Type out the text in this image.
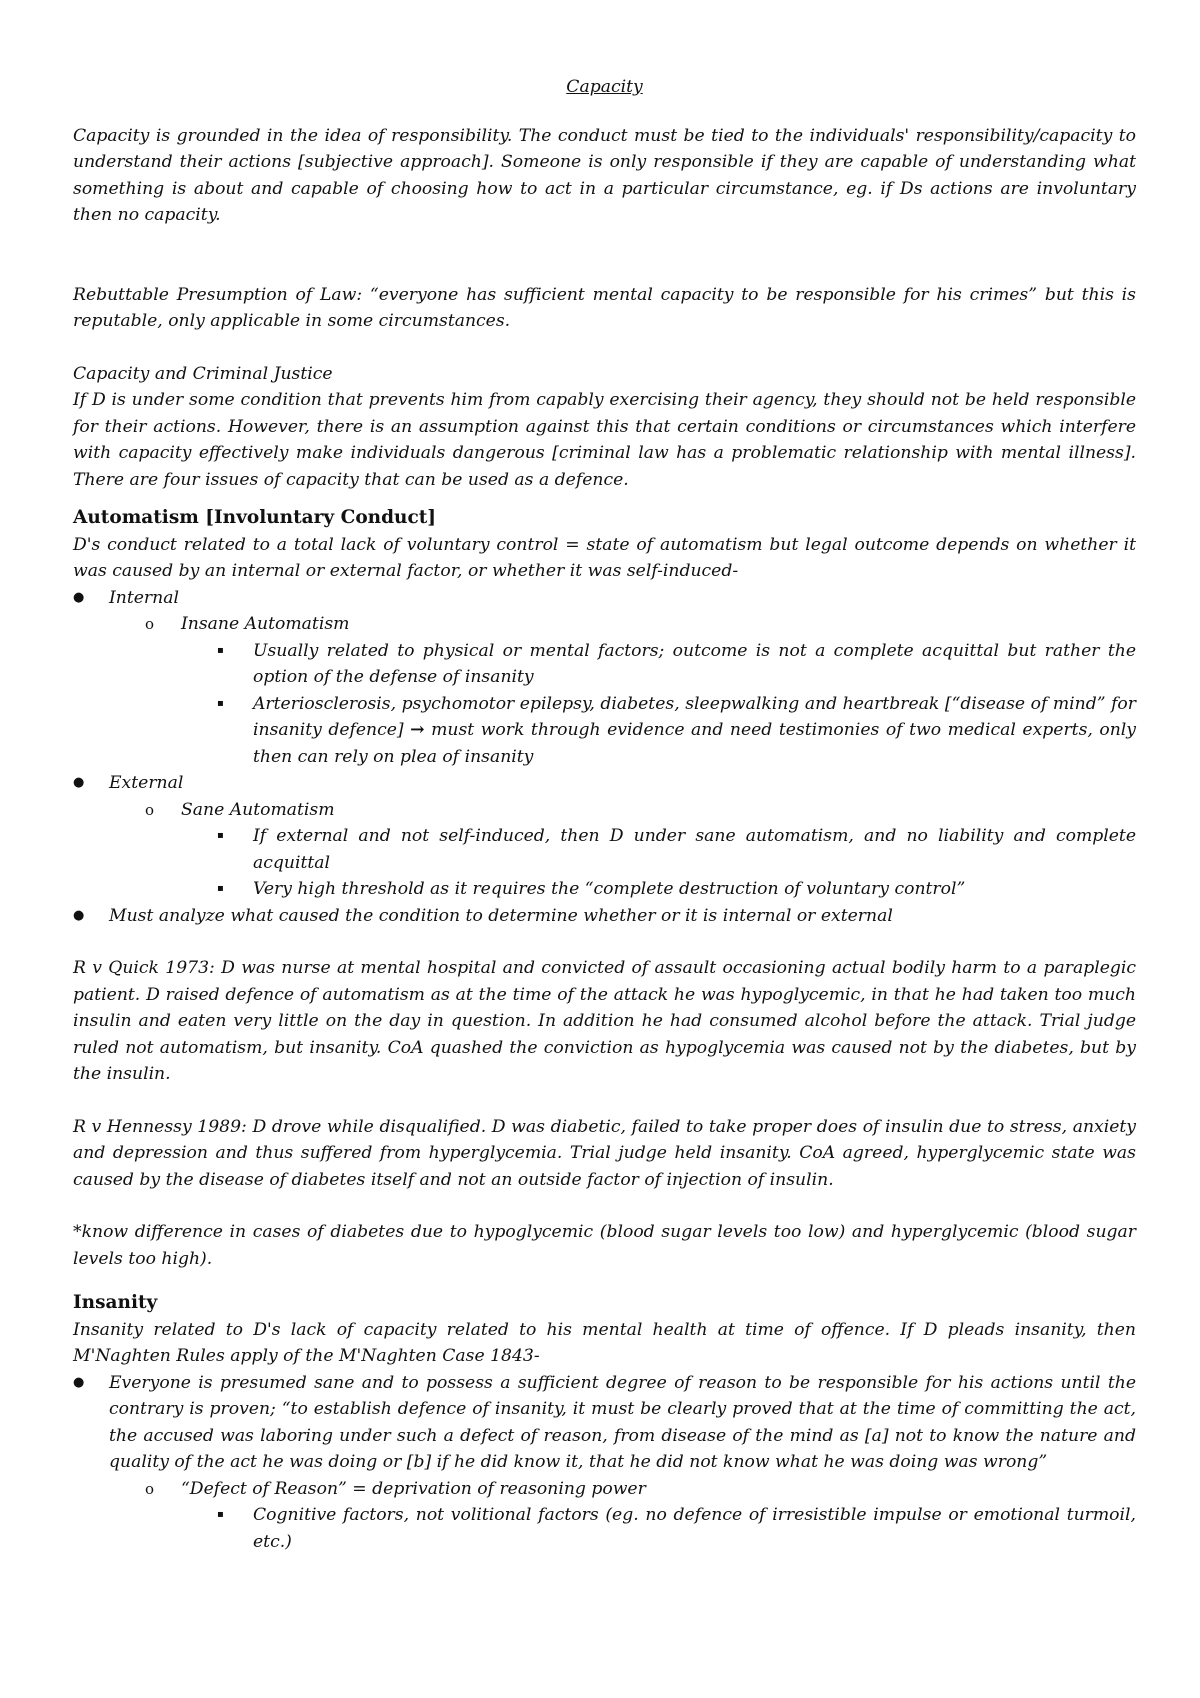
Capacity

Capacity is grounded in the idea of responsibility. The conduct must be tied to the individuals' responsibility/capacity to understand their actions [subjective approach]. Someone is only responsible if they are capable of understanding what something is about and capable of choosing how to act in a particular circumstance, eg. if Ds actions are involuntary then no capacity.

Rebuttable Presumption of Law: “everyone has sufficient mental capacity to be responsible for his crimes” but this is reputable, only applicable in some circumstances.

Capacity and Criminal Justice

If D is under some condition that prevents him from capably exercising their agency, they should not be held responsible for their actions. However, there is an assumption against this that certain conditions or circumstances which interfere with capacity effectively make individuals dangerous [criminal law has a problematic relationship with mental illness]. There are four issues of capacity that can be used as a defence.

Automatism [Involuntary Conduct]

D's conduct related to a total lack of voluntary control = state of automatism but legal outcome depends on whether it was caused by an internal or external factor, or whether it was self-induced-

● Internal
o Insane Automatism
▪ Usually related to physical or mental factors; outcome is not a complete acquittal but rather the option of the defense of insanity
▪ Arteriosclerosis, psychomotor epilepsy, diabetes, sleepwalking and heartbreak [“disease of mind” for insanity defence] → must work through evidence and need testimonies of two medical experts, only then can rely on plea of insanity
● External
o Sane Automatism
▪ If external and not self-induced, then D under sane automatism, and no liability and complete acquittal
▪ Very high threshold as it requires the “complete destruction of voluntary control”
● Must analyze what caused the condition to determine whether or it is internal or external

R v Quick 1973: D was nurse at mental hospital and convicted of assault occasioning actual bodily harm to a paraplegic patient. D raised defence of automatism as at the time of the attack he was hypoglycemic, in that he had taken too much insulin and eaten very little on the day in question. In addition he had consumed alcohol before the attack. Trial judge ruled not automatism, but insanity. CoA quashed the conviction as hypoglycemia was caused not by the diabetes, but by the insulin.

R v Hennessy 1989: D drove while disqualified. D was diabetic, failed to take proper does of insulin due to stress, anxiety and depression and thus suffered from hyperglycemia. Trial judge held insanity. CoA agreed, hyperglycemic state was caused by the disease of diabetes itself and not an outside factor of injection of insulin.

*know difference in cases of diabetes due to hypoglycemic (blood sugar levels too low) and hyperglycemic (blood sugar levels too high).

Insanity

Insanity related to D's lack of capacity related to his mental health at time of offence. If D pleads insanity, then M'Naghten Rules apply of the M'Naghten Case 1843-

● Everyone is presumed sane and to possess a sufficient degree of reason to be responsible for his actions until the contrary is proven; “to establish defence of insanity, it must be clearly proved that at the time of committing the act, the accused was laboring under such a defect of reason, from disease of the mind as [a] not to know the nature and quality of the act he was doing or [b] if he did know it, that he did not know what he was doing was wrong”
o “Defect of Reason” = deprivation of reasoning power
▪ Cognitive factors, not volitional factors (eg. no defence of irresistible impulse or emotional turmoil, etc.)
